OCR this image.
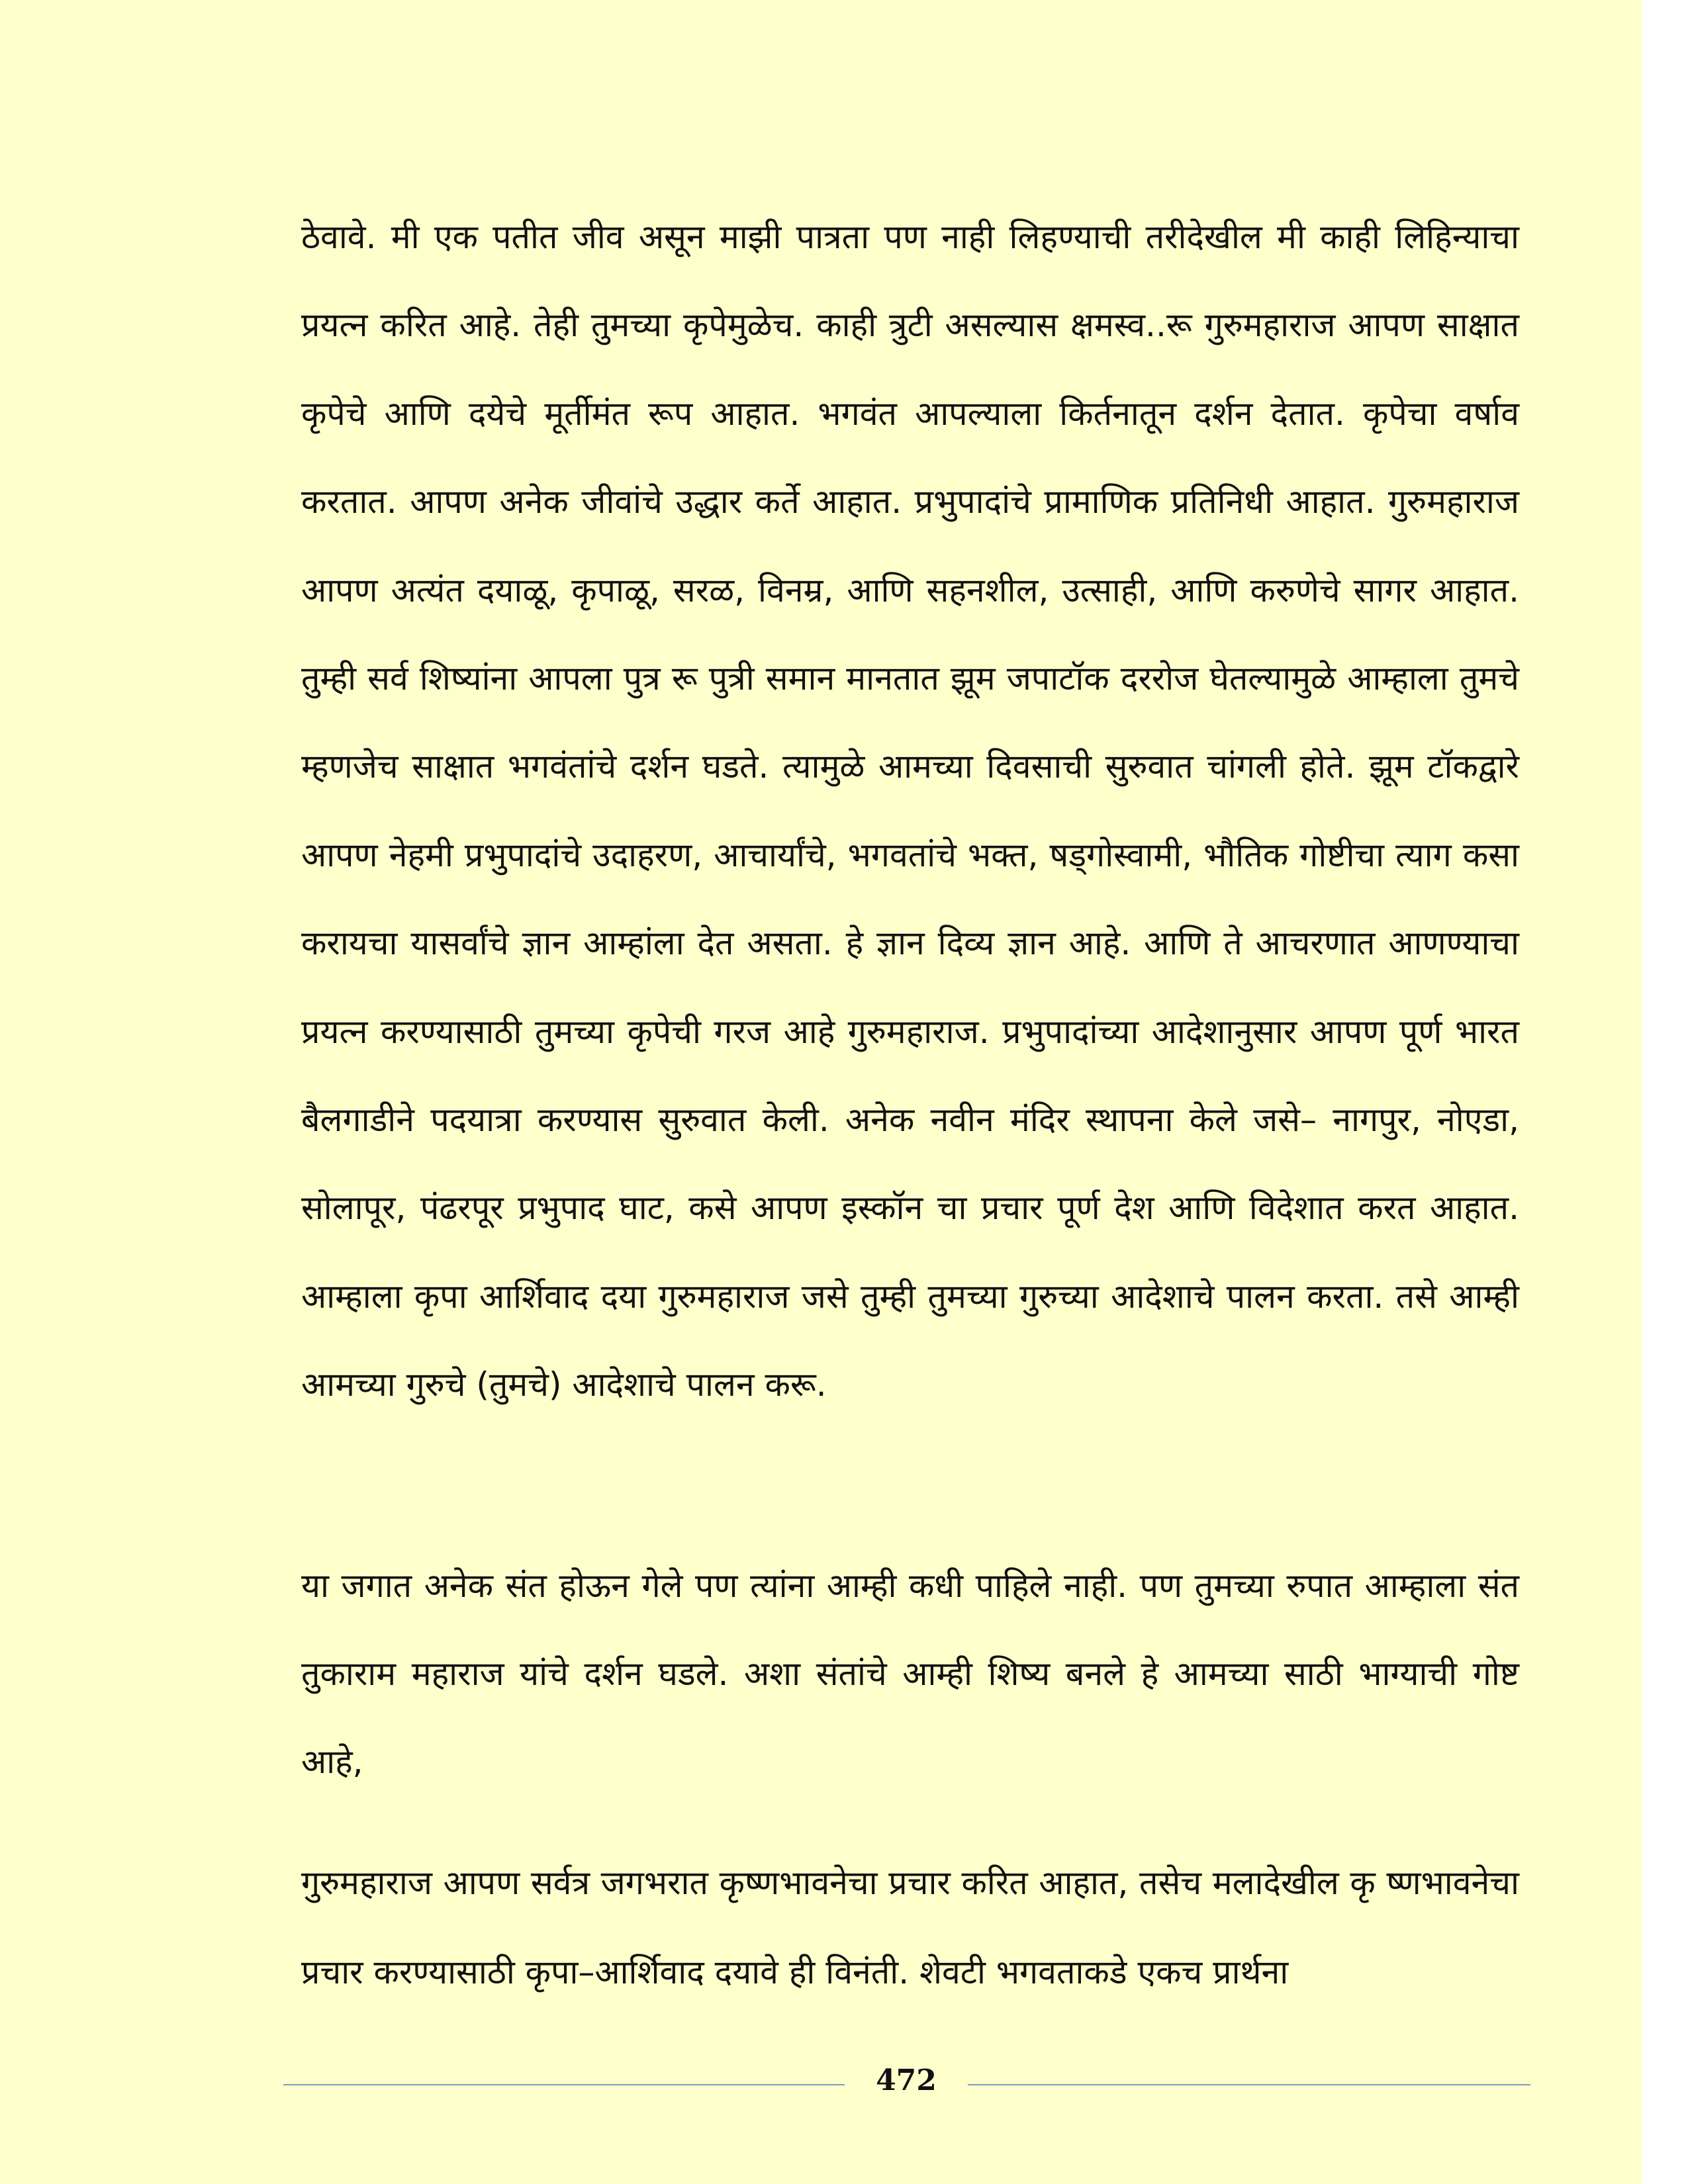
ठेवावे. मी एक पतीत जीव असून माझी पात्रता पण नाही लिहण्याची तरीदेखील मी काही लिहिन्याचा प्रयत्न करित आहे. तेही तुमच्या कृपेमुळेच. काही त्रुटी असल्यास क्षमस्व..रू गुरुमहाराज आपण साक्षात कृपेचे आणि दयेचे मूर्तीमंत रूप आहात. भगवंत आपल्याला किर्तनातून दर्शन देतात. कृपेचा वर्षाव करतात. आपण अनेक जीवांचे उद्धार कर्ते आहात. प्रभुपादांचे प्रामाणिक प्रतिनिधी आहात. गुरुमहाराज आपण अत्यंत दयाळू, कृपाळू, सरळ, विनम्र, आणि सहनशील, उत्साही, आणि करुणेचे सागर आहात. तुम्ही सर्व शिष्यांना आपला पुत्र रू पुत्री समान मानतात झूम जपाटॉक दररोज घेतल्यामुळे आम्हाला तुमचे म्हणजेच साक्षात भगवंतांचे दर्शन घडते. त्यामुळे आमच्या दिवसाची सुरुवात चांगली होते. झूम टॉकद्वारे आपण नेहमी प्रभुपादांचे उदाहरण, आचार्यांचे, भगवतांचे भक्त, षड्गोस्वामी, भौतिक गोष्टीचा त्याग कसा करायचा यासर्वांचे ज्ञान आम्हांला देत असता. हे ज्ञान दिव्य ज्ञान आहे. आणि ते आचरणात आणण्याचा प्रयत्न करण्यासाठी तुमच्या कृपेची गरज आहे गुरुमहाराज. प्रभुपादांच्या आदेशानुसार आपण पूर्ण भारत बैलगाडीने पदयात्रा करण्यास सुरुवात केली. अनेक नवीन मंदिर स्थापना केले जसे– नागपुर, नोएडा, सोलापूर, पंढरपूर प्रभुपाद घाट, कसे आपण इस्कॉन चा प्रचार पूर्ण देश आणि विदेशात करत आहात. आम्हाला कृपा आर्शिवाद दया गुरुमहाराज जसे तुम्ही तुमच्या गुरुच्या आदेशाचे पालन करता. तसे आम्ही आमच्या गुरुचे (तुमचे) आदेशाचे पालन करू.

या जगात अनेक संत होऊन गेले पण त्यांना आम्ही कधी पाहिले नाही. पण तुमच्या रुपात आम्हाला संत तुकाराम महाराज यांचे दर्शन घडले. अशा संतांचे आम्ही शिष्य बनले हे आमच्या साठी भाग्याची गोष्ट आहे,

गुरुमहाराज आपण सर्वत्र जगभरात कृष्णभावनेचा प्रचार करित आहात, तसेच मलादेखील कृ ष्णभावनेचा प्रचार करण्यासाठी कृपा–आर्शिवाद दयावे ही विनंती. शेवटी भगवताकडे एकच प्रार्थना

472
